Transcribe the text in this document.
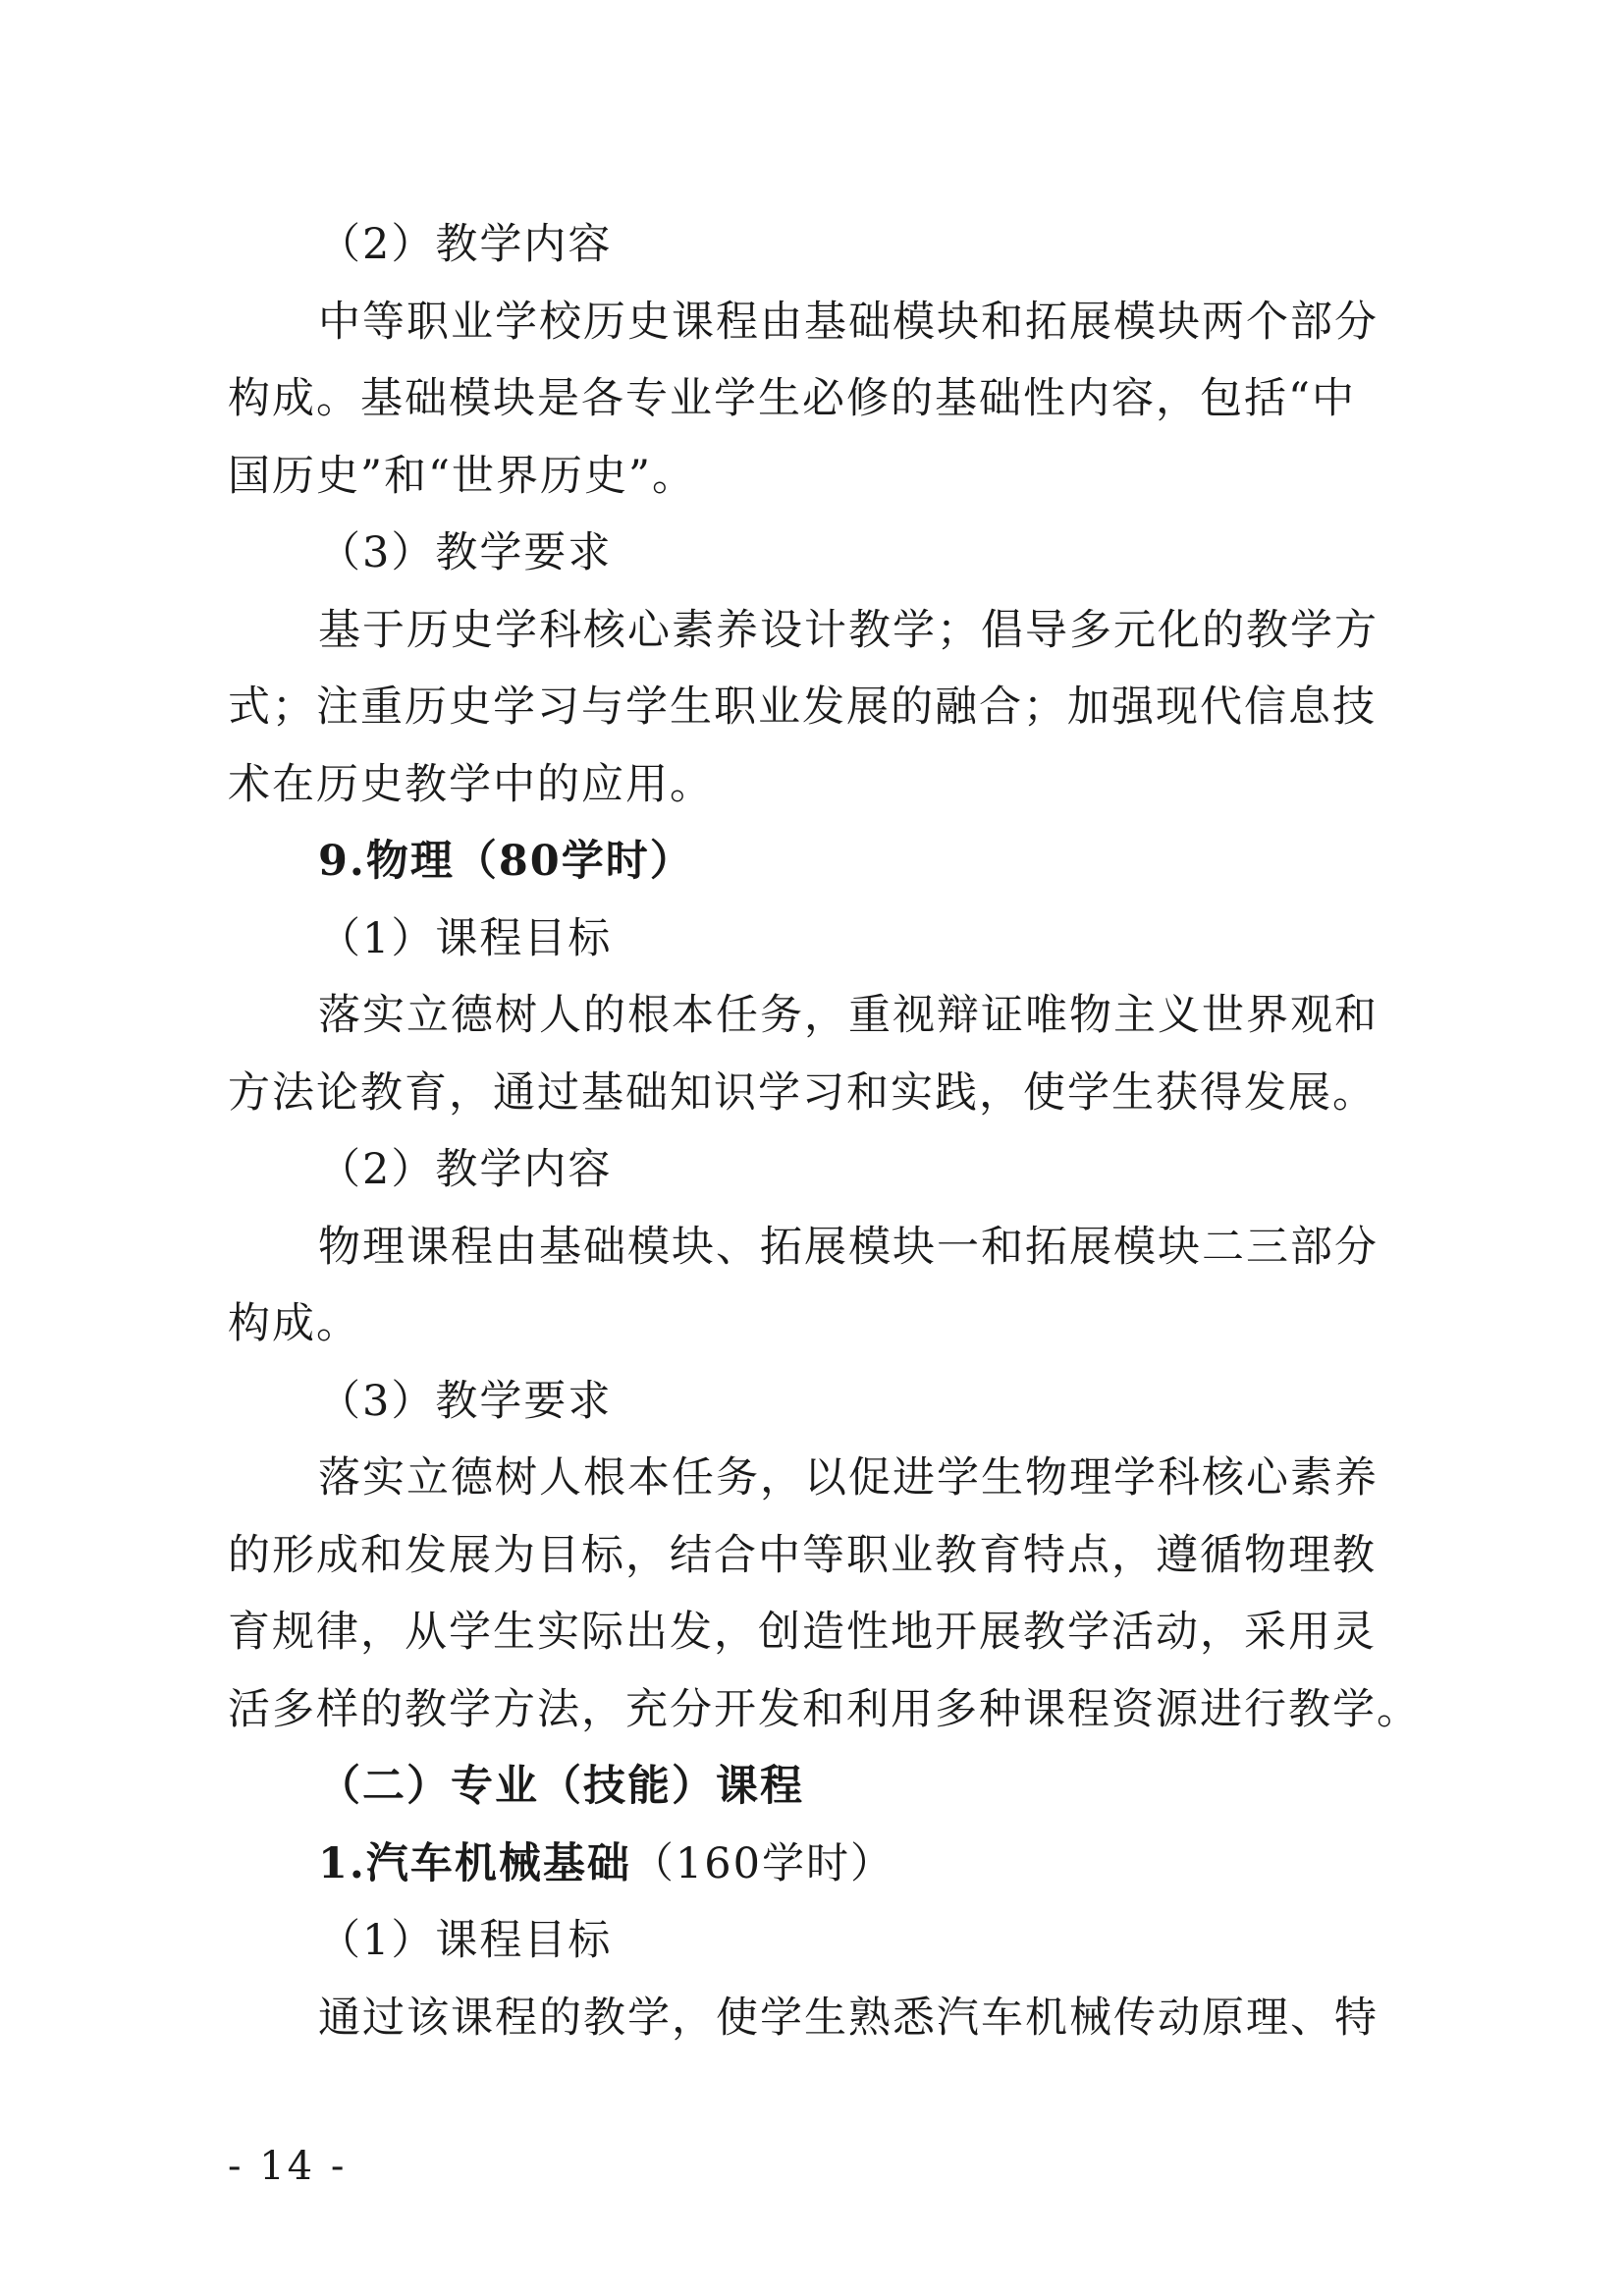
（2）教学内容
中等职业学校历史课程由基础模块和拓展模块两个部分
构成。基础模块是各专业学生必修的基础性内容，包括“中
国历史”和“世界历史”。
（3）教学要求
基于历史学科核心素养设计教学；倡导多元化的教学方
式；注重历史学习与学生职业发展的融合；加强现代信息技
术在历史教学中的应用。
9.物理（80学时）
（1）课程目标
落实立德树人的根本任务，重视辩证唯物主义世界观和
方法论教育，通过基础知识学习和实践，使学生获得发展。
（2）教学内容
物理课程由基础模块、拓展模块一和拓展模块二三部分
构成。
（3）教学要求
落实立德树人根本任务，以促进学生物理学科核心素养
的形成和发展为目标，结合中等职业教育特点，遵循物理教
育规律，从学生实际出发，创造性地开展教学活动，采用灵
活多样的教学方法，充分开发和利用多种课程资源进行教学。
（二）专业（技能）课程
1.汽车机械基础（160学时）
（1）课程目标
通过该课程的教学，使学生熟悉汽车机械传动原理、特
- 14 -
